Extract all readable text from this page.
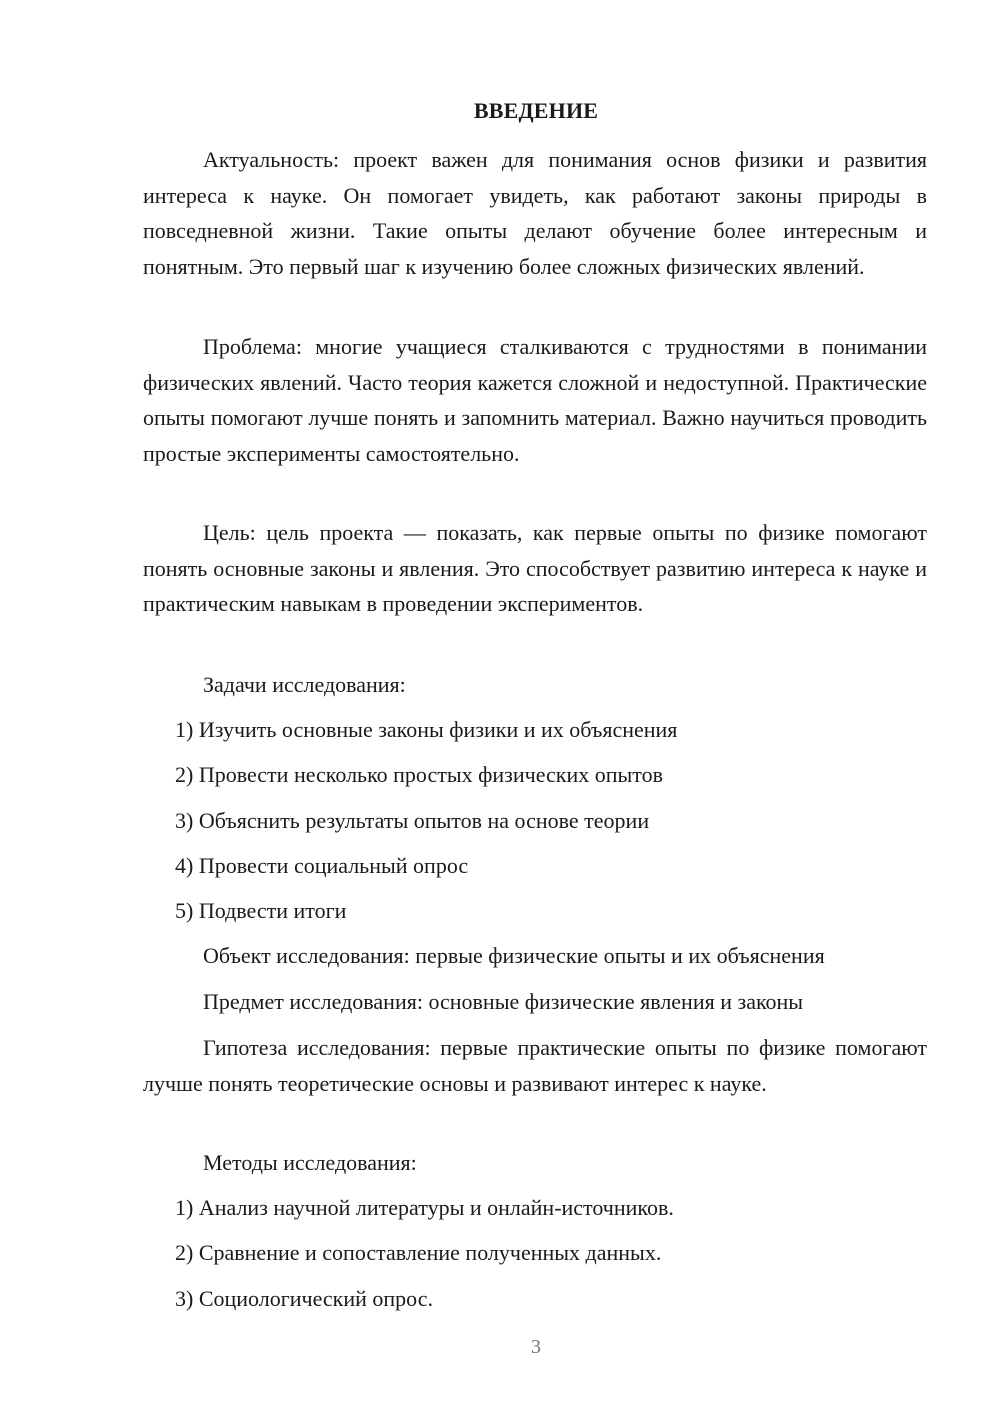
ВВЕДЕНИЕ

Актуальность: проект важен для понимания основ физики и развития интереса к науке. Он помогает увидеть, как работают законы природы в повседневной жизни. Такие опыты делают обучение более интересным и понятным. Это первый шаг к изучению более сложных физических явлений.

Проблема: многие учащиеся сталкиваются с трудностями в понимании физических явлений. Часто теория кажется сложной и недоступной. Практические опыты помогают лучше понять и запомнить материал. Важно научиться проводить простые эксперименты самостоятельно.

Цель: цель проекта — показать, как первые опыты по физике помогают понять основные законы и явления. Это способствует развитию интереса к науке и практическим навыкам в проведении экспериментов.

Задачи исследования:

1) Изучить основные законы физики и их объяснения

2) Провести несколько простых физических опытов

3) Объяснить результаты опытов на основе теории

4) Провести социальный опрос

5) Подвести итоги

Объект исследования: первые физические опыты и их объяснения

Предмет исследования: основные физические явления и законы

Гипотеза исследования: первые практические опыты по физике помогают лучше понять теоретические основы и развивают интерес к науке.

Методы исследования:

1) Анализ научной литературы и онлайн-источников.

2) Сравнение и сопоставление полученных данных.

3) Социологический опрос.

3
